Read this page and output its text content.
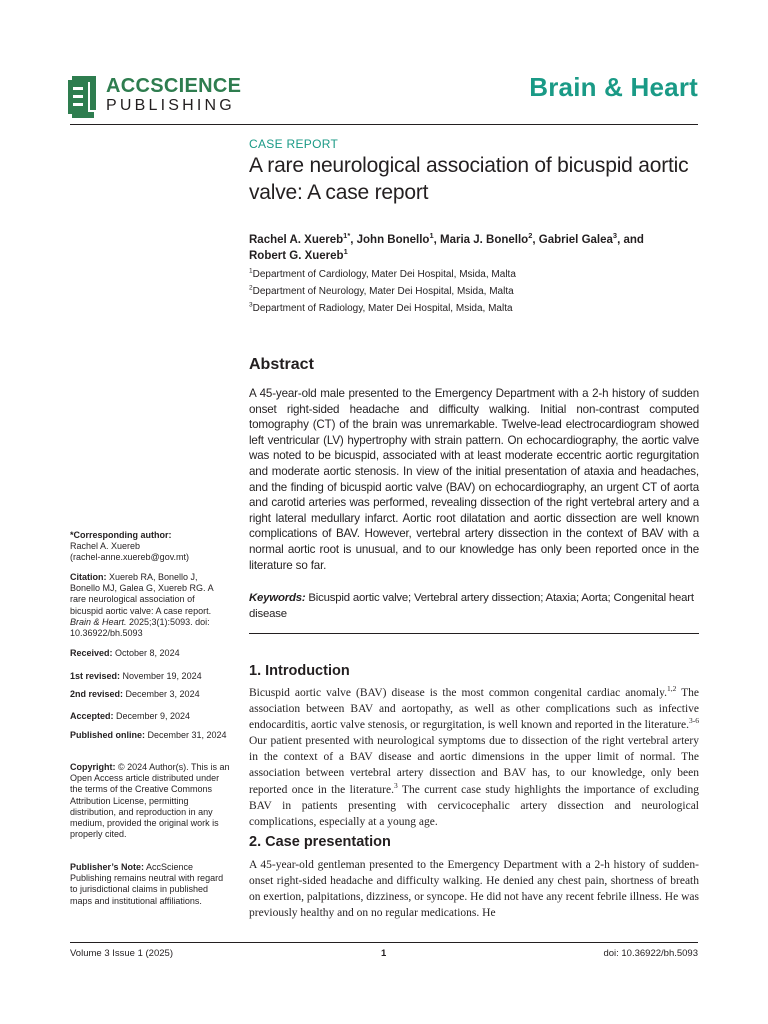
ACCSCIENCE
PUBLISHING
Brain & Heart
CASE REPORT
A rare neurological association of bicuspid aortic valve: A case report
Rachel A. Xuereb$^{1*}$, John Bonello$^1$, Maria J. Bonello$^2$, Gabriel Galea$^3$, and
Robert G. Xuereb$^1$
$^1$Department of Cardiology, Mater Dei Hospital, Msida, Malta
$^2$Department of Neurology, Mater Dei Hospital, Msida, Malta
$^3$Department of Radiology, Mater Dei Hospital, Msida, Malta
Abstract
A 45-year-old male presented to the Emergency Department with a 2-h history of sudden onset right-sided headache and difficulty walking. Initial non-contrast computed tomography (CT) of the brain was unremarkable. Twelve-lead electrocardiogram showed left ventricular (LV) hypertrophy with strain pattern. On echocardiography, the aortic valve was noted to be bicuspid, associated with at least moderate eccentric aortic regurgitation and moderate aortic stenosis. In view of the initial presentation of ataxia and headaches, and the finding of bicuspid aortic valve (BAV) on echocardiography, an urgent CT of aorta and carotid arteries was performed, revealing dissection of the right vertebral artery and a right lateral medullary infarct. Aortic root dilatation and aortic dissection are well known complications of BAV. However, vertebral artery dissection in the context of BAV with a normal aortic root is unusual, and to our knowledge has only been reported once in the literature so far.
Keywords: Bicuspid aortic valve; Vertebral artery dissection; Ataxia; Aorta; Congenital heart disease
1. Introduction
Bicuspid aortic valve (BAV) disease is the most common congenital cardiac anomaly.$^{1,2}$ The association between BAV and aortopathy, as well as other complications such as infective endocarditis, aortic valve stenosis, or regurgitation, is well known and reported in the literature.$^{3-6}$ Our patient presented with neurological symptoms due to dissection of the right vertebral artery in the context of a BAV disease and aortic dimensions in the upper limit of normal. The association between vertebral artery dissection and BAV has, to our knowledge, only been reported once in the literature.$^3$ The current case study highlights the importance of excluding BAV in patients presenting with cervicocephalic artery dissection and neurological complications, especially at a young age.
2. Case presentation
A 45-year-old gentleman presented to the Emergency Department with a 2-h history of sudden-onset right-sided headache and difficulty walking. He denied any chest pain, shortness of breath on exertion, palpitations, dizziness, or syncope. He did not have any recent febrile illness. He was previously healthy and on no regular medications. He
*Corresponding author:
Rachel A. Xuereb
(rachel-anne.xuereb@gov.mt)
Citation: Xuereb RA, Bonello J, Bonello MJ, Galea G, Xuereb RG. A rare neurological association of bicuspid aortic valve: A case report. Brain & Heart. 2025;3(1):5093. doi: 10.36922/bh.5093
Received: October 8, 2024
1st revised: November 19, 2024
2nd revised: December 3, 2024
Accepted: December 9, 2024
Published online: December 31, 2024
Copyright: © 2024 Author(s). This is an Open Access article distributed under the terms of the Creative Commons Attribution License, permitting distribution, and reproduction in any medium, provided the original work is properly cited.
Publisher’s Note: AccScience Publishing remains neutral with regard to jurisdictional claims in published maps and institutional affiliations.
Volume 3 Issue 1 (2025)	1	doi: 10.36922/bh.5093
